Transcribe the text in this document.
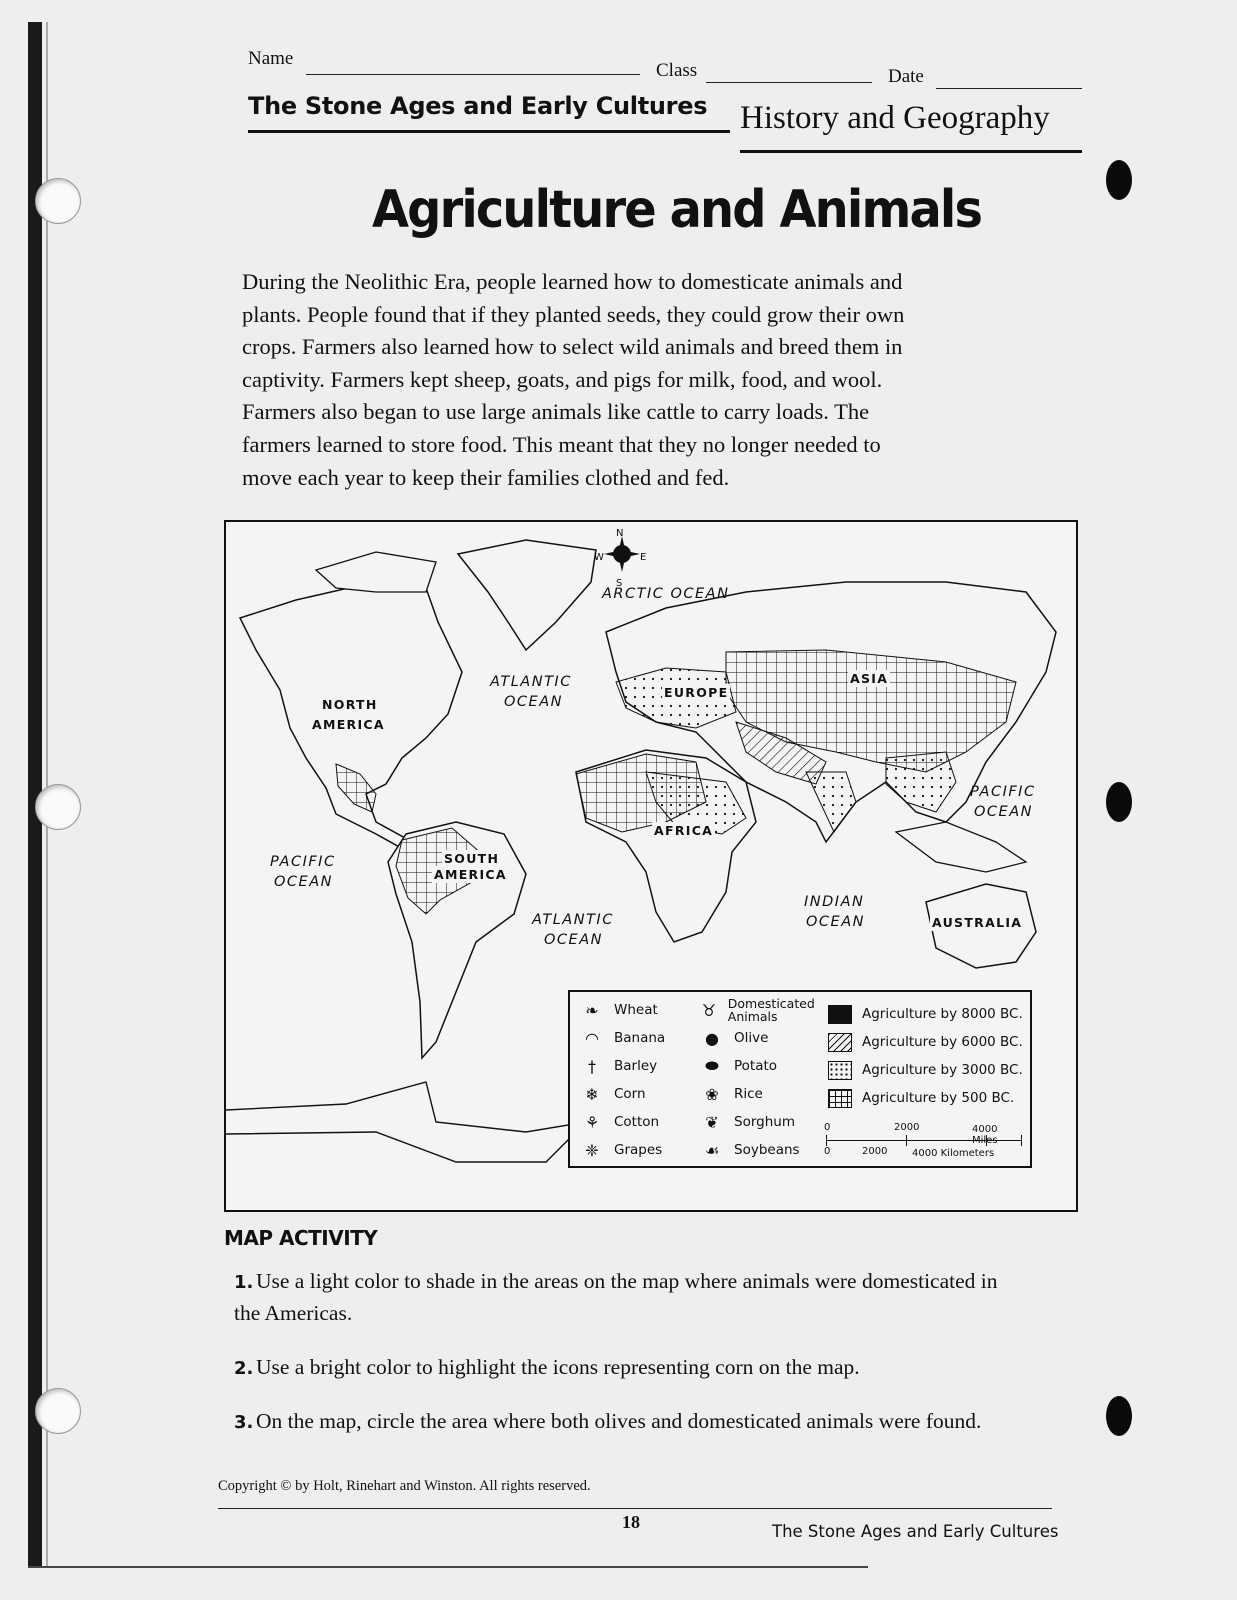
Name
Class	Date
The Stone Ages and Early Cultures History and Geography
Agriculture and Animals
During the Neolithic Era, people learned how to domesticate animals and plants. People found that if they planted seeds, they could grow their own crops. Farmers also learned how to select wild animals and breed them in captivity. Farmers kept sheep, goats, and pigs for milk, food, and wool. Farmers also began to use large animals like cattle to carry loads. The farmers learned to store food. This meant that they no longer needed to move each year to keep their families clothed and fed.
N
S
E
W
ARCTIC OCEAN
ATLANTIC
OCEAN
ATLANTIC
OCEAN
PACIFIC
OCEAN
PACIFIC
OCEAN
INDIAN
OCEAN
NORTH
AMERICA
SOUTH
AMERICA
EUROPE
ASIA
AFRICA
AUSTRALIA
❧	Wheat
◠	Banana
†	Barley
❄	Corn
⚘	Cotton
❈	Grapes
♉ Domesticated Animals
●	Olive
⬬	Potato
❀	Rice
❦	Sorghum
☙	Soybeans
Agriculture by 8000 BC.
Agriculture by 6000 BC.
Agriculture by 3000 BC.
Agriculture by 500 BC.
0	2000	4000 Miles
0	2000 4000 Kilometers
MAP ACTIVITY
1. Use a light color to shade in the areas on the map where animals were domesticated in the Americas.
2. Use a bright color to highlight the icons representing corn on the map.
3. On the map, circle the area where both olives and domesticated animals were found.
Copyright © by Holt, Rinehart and Winston. All rights reserved.
18	The Stone Ages and Early Cultures
